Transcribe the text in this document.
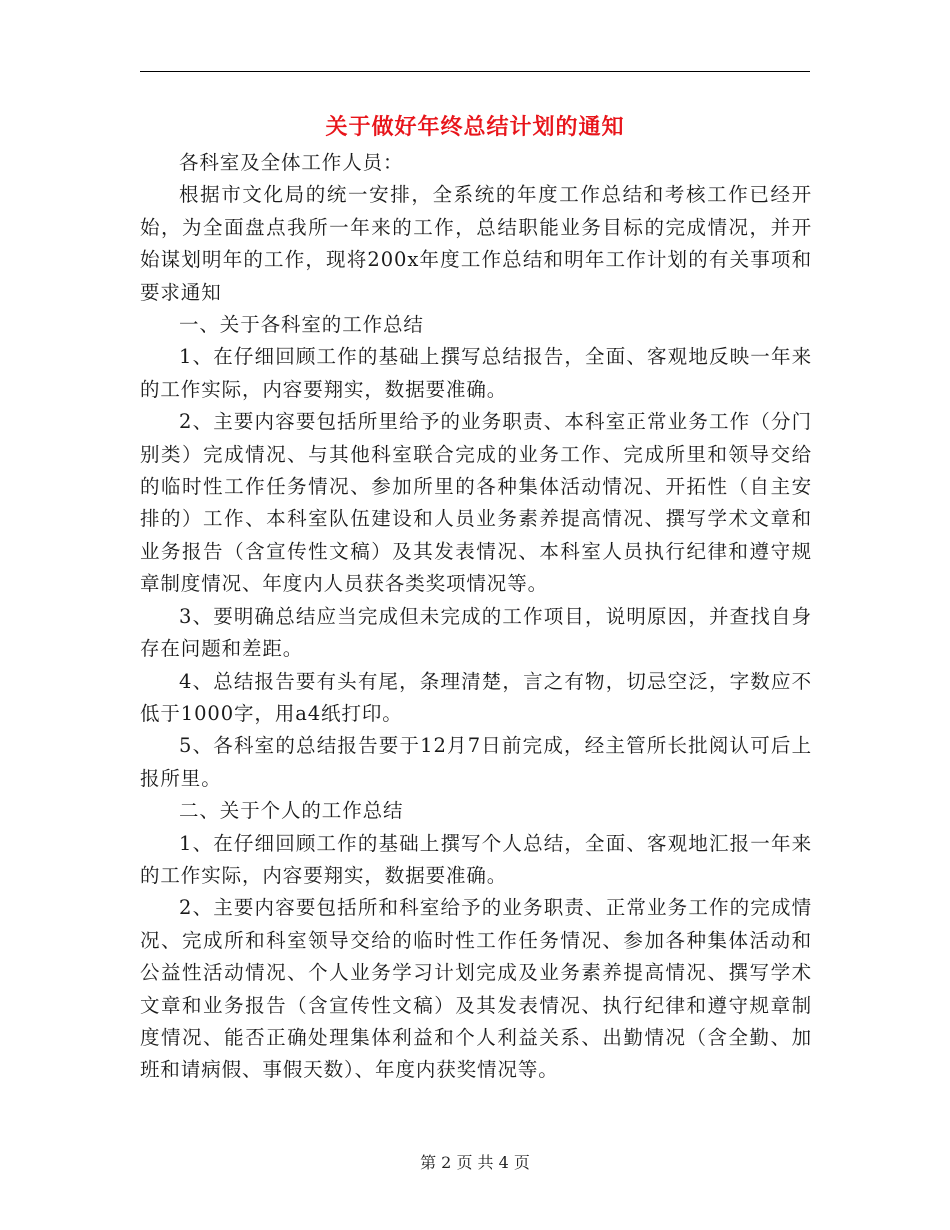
关于做好年终总结计划的通知

各科室及全体工作人员：

根据市文化局的统一安排，全系统的年度工作总结和考核工作已经开始，为全面盘点我所一年来的工作，总结职能业务目标的完成情况，并开始谋划明年的工作，现将200x年度工作总结和明年工作计划的有关事项和要求通知

一、关于各科室的工作总结

1、在仔细回顾工作的基础上撰写总结报告，全面、客观地反映一年来的工作实际，内容要翔实，数据要准确。

2、主要内容要包括所里给予的业务职责、本科室正常业务工作（分门别类）完成情况、与其他科室联合完成的业务工作、完成所里和领导交给的临时性工作任务情况、参加所里的各种集体活动情况、开拓性（自主安排的）工作、本科室队伍建设和人员业务素养提高情况、撰写学术文章和业务报告（含宣传性文稿）及其发表情况、本科室人员执行纪律和遵守规章制度情况、年度内人员获各类奖项情况等。

3、要明确总结应当完成但未完成的工作项目，说明原因，并查找自身存在问题和差距。

4、总结报告要有头有尾，条理清楚，言之有物，切忌空泛，字数应不低于1000字，用a4纸打印。

5、各科室的总结报告要于12月7日前完成，经主管所长批阅认可后上报所里。

二、关于个人的工作总结

1、在仔细回顾工作的基础上撰写个人总结，全面、客观地汇报一年来的工作实际，内容要翔实，数据要准确。

2、主要内容要包括所和科室给予的业务职责、正常业务工作的完成情况、完成所和科室领导交给的临时性工作任务情况、参加各种集体活动和公益性活动情况、个人业务学习计划完成及业务素养提高情况、撰写学术文章和业务报告（含宣传性文稿）及其发表情况、执行纪律和遵守规章制度情况、能否正确处理集体利益和个人利益关系、出勤情况（含全勤、加班和请病假、事假天数）、年度内获奖情况等。

第 2 页 共 4 页
